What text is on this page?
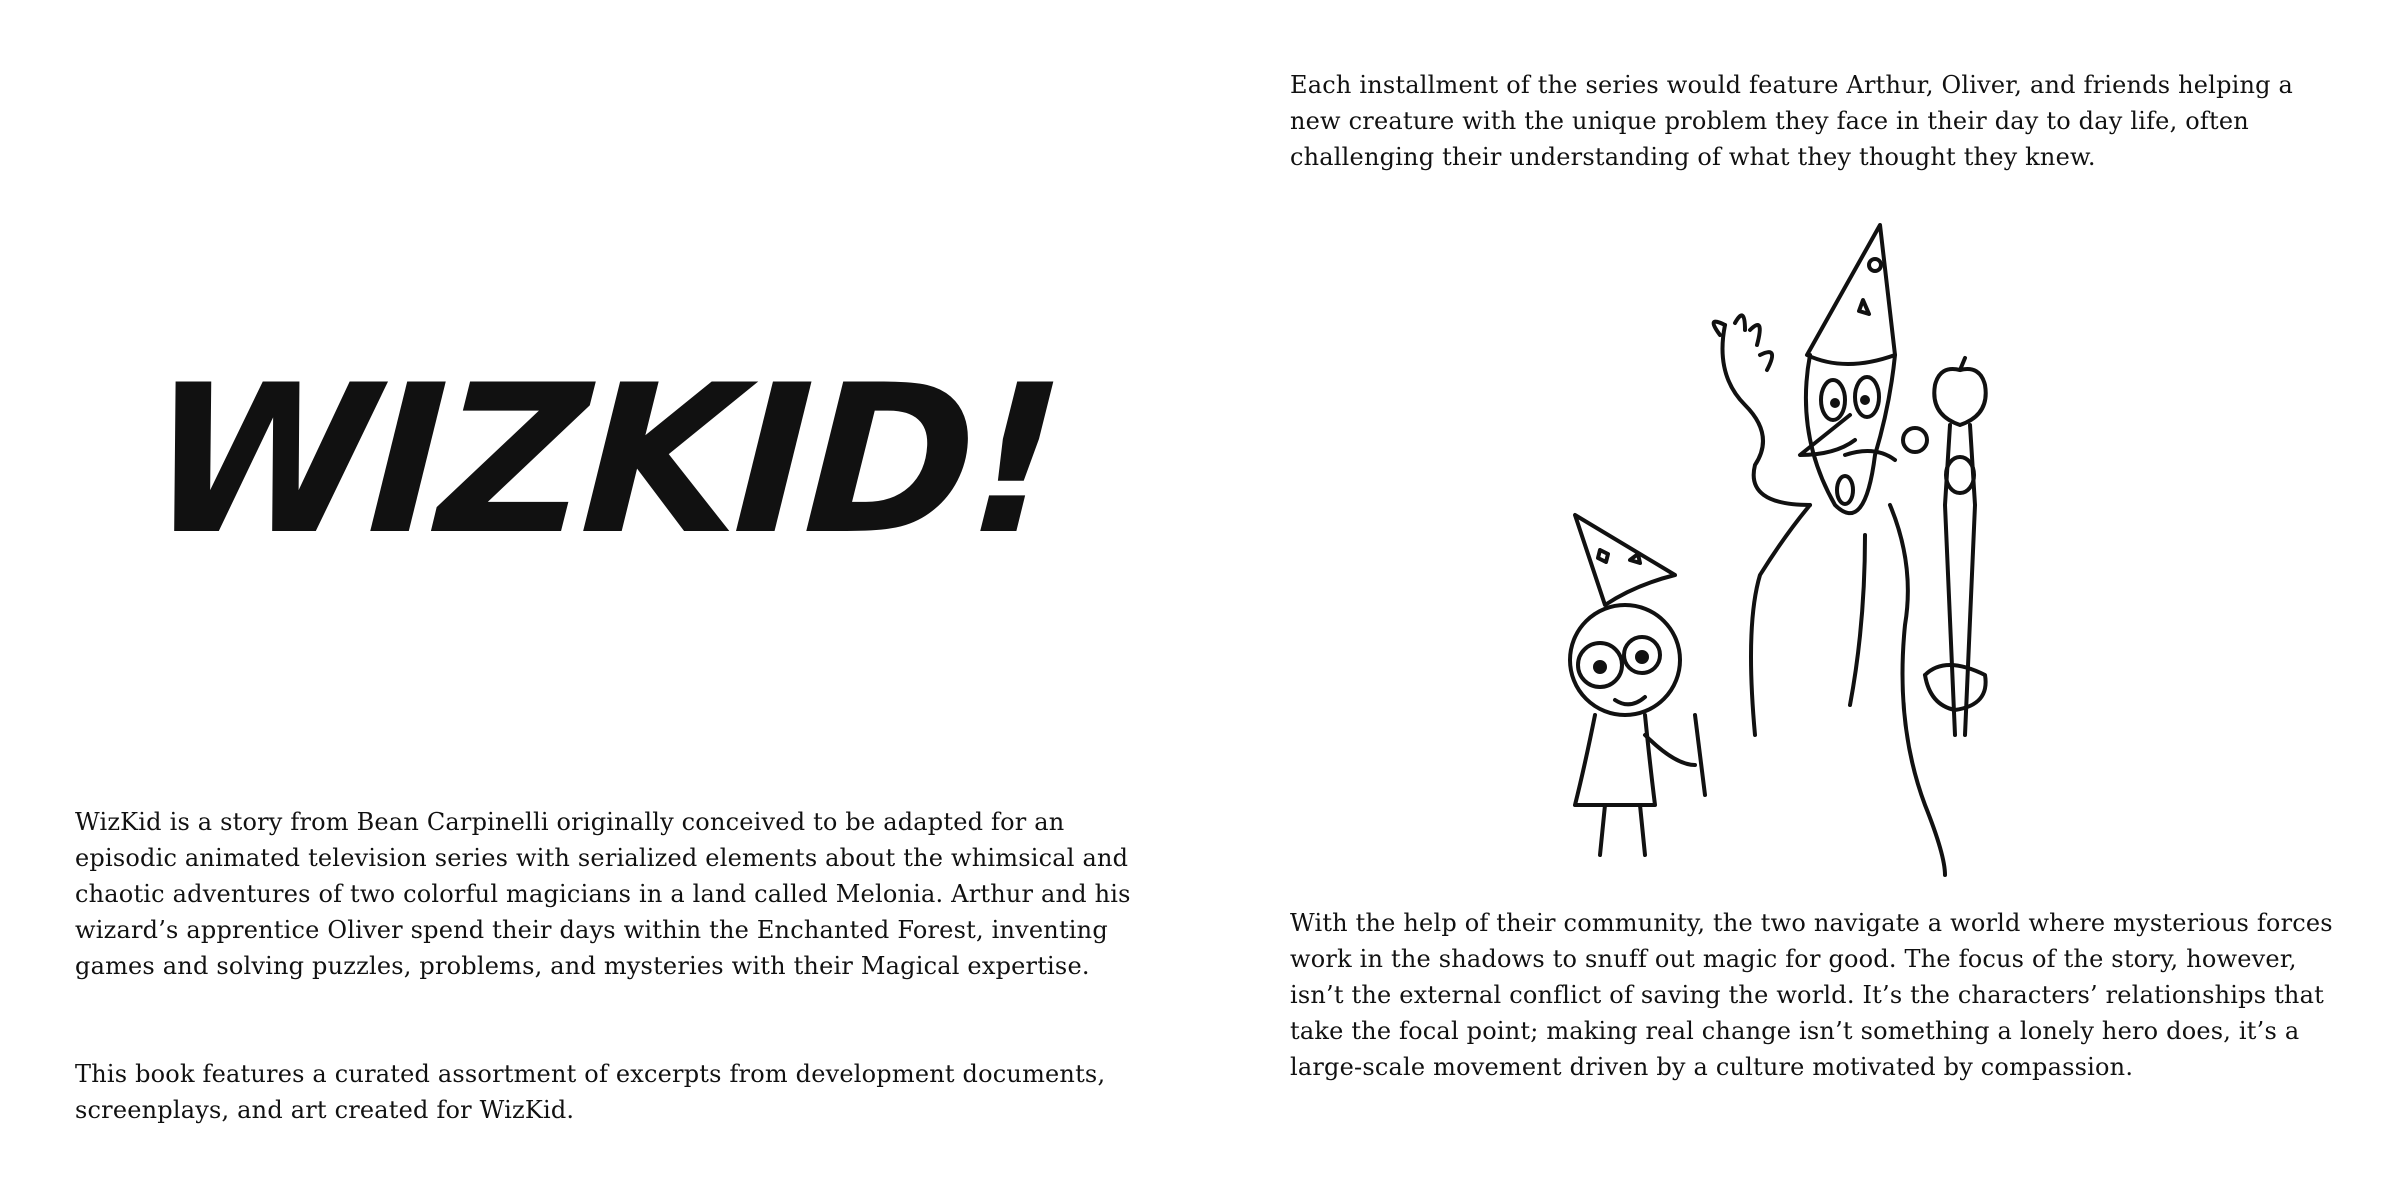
WIZKID!

WizKid is a story from Bean Carpinelli originally conceived to be adapted for an episodic animated television series with serialized elements about the whimsical and chaotic adventures of two colorful magicians in a land called Melonia. Arthur and his wizard’s apprentice Oliver spend their days within the Enchanted Forest, inventing games and solving puzzles, problems, and mysteries with their Magical expertise.

This book features a curated assortment of excerpts from development documents, screenplays, and art created for WizKid.

Each installment of the series would feature Arthur, Oliver, and friends helping a new creature with the unique problem they face in their day to day life, often challenging their understanding of what they thought they knew.

With the help of their community, the two navigate a world where mysterious forces work in the shadows to snuff out magic for good. The focus of the story, however, isn’t the external conflict of saving the world. It’s the characters’ relationships that take the focal point; making real change isn’t something a lonely hero does, it’s a large-scale movement driven by a culture motivated by compassion.
